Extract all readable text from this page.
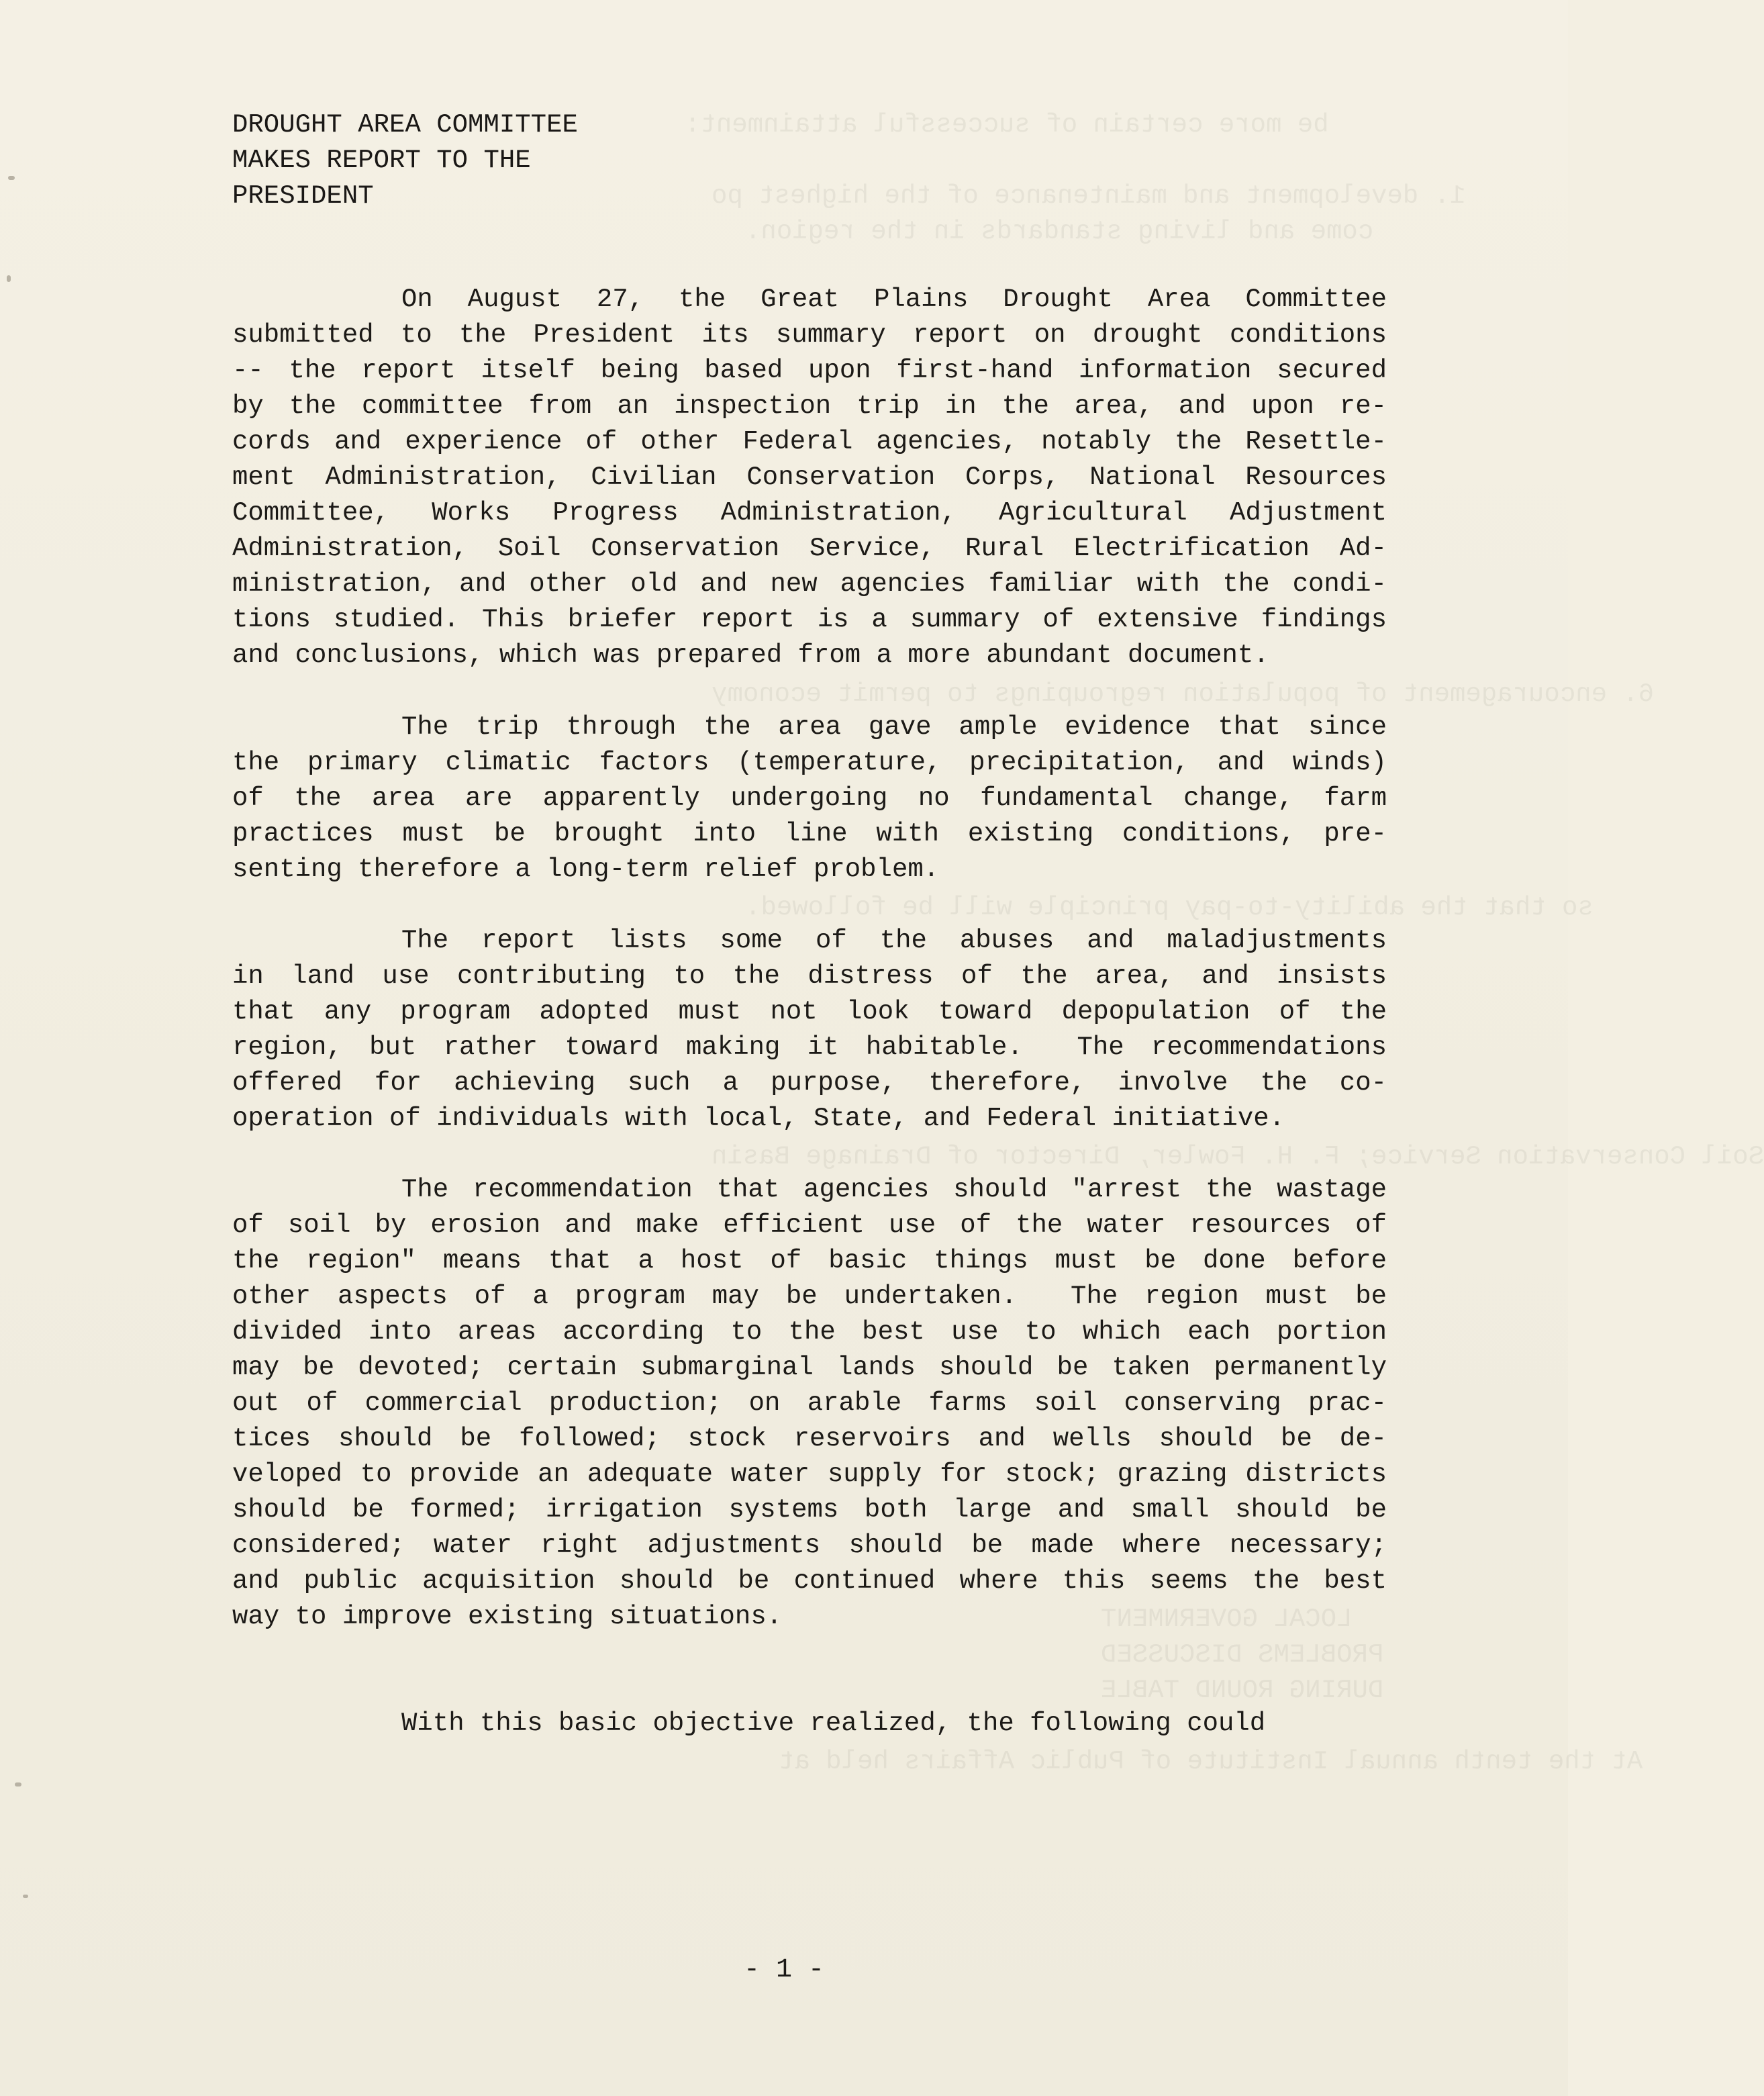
be more certain of successful attainment:
1. development and maintenance of the highest po
come and living standards in the region.
6. encouragement of population regroupings to permit economy
so that the ability-to-pay principle will be followed.
Soil Conservation Service; F. H. Fowler, Director of Drainage Basin
LOCAL GOVERNMENT
PROBLEMS DISCUSSED
DURING ROUND TABLE
At the tenth annual Institute of Public Affairs held at
DROUGHT AREA COMMITTEE
MAKES REPORT TO THE
PRESIDENT
On August 27, the Great Plains Drought Area Committee
submitted to the President its summary report on drought conditions
-- the report itself being based upon first-hand information secured
by the committee from an inspection trip in the area, and upon re-
cords and experience of other Federal agencies, notably the Resettle-
ment Administration, Civilian Conservation Corps, National Resources
Committee, Works Progress Administration, Agricultural Adjustment
Administration, Soil Conservation Service, Rural Electrification Ad-
ministration, and other old and new agencies familiar with the condi-
tions studied. This briefer report is a summary of extensive findings
and conclusions, which was prepared from a more abundant document.
The trip through the area gave ample evidence that since
the primary climatic factors (temperature, precipitation, and winds)
of the area are apparently undergoing no fundamental change, farm
practices must be brought into line with existing conditions, pre-
senting therefore a long-term relief problem.
The report lists some of the abuses and maladjustments
in land use contributing to the distress of the area, and insists
that any program adopted must not look toward depopulation of the
region, but rather toward making it habitable.  The recommendations
offered for achieving such a purpose, therefore, involve the co-
operation of individuals with local, State, and Federal initiative.
The recommendation that agencies should "arrest the wastage
of soil by erosion and make efficient use of the water resources of
the region" means that a host of basic things must be done before
other aspects of a program may be undertaken.  The region must be
divided into areas according to the best use to which each portion
may be devoted; certain submarginal lands should be taken permanently
out of commercial production; on arable farms soil conserving prac-
tices should be followed; stock reservoirs and wells should be de-
veloped to provide an adequate water supply for stock; grazing districts
should be formed; irrigation systems both large and small should be
considered; water right adjustments should be made where necessary;
and public acquisition should be continued where this seems the best
way to improve existing situations.
With this basic objective realized, the following could
- 1 -
